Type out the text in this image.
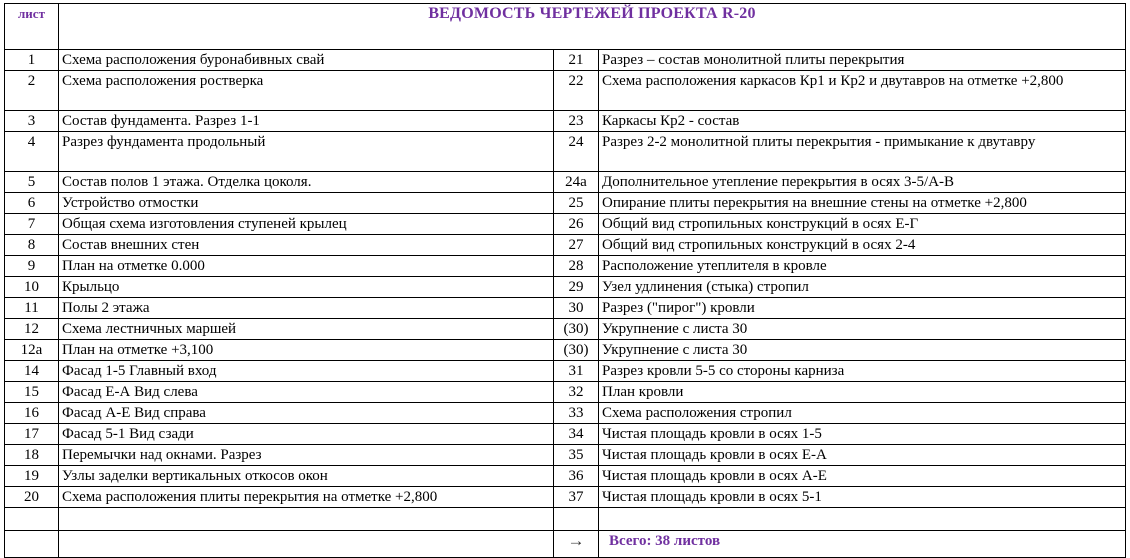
лист	ВЕДОМОСТЬ ЧЕРТЕЖЕЙ ПРОЕКТА R-20		
1	Схема расположения буронабивных свай	21	Разрез – состав монолитной плиты перекрытия
2	Схема расположения ростверка	22	Схема расположения каркасов Кр1 и Кр2 и двутавров на отметке +2,800
3	Состав фундамента. Разрез 1-1	23	Каркасы Кр2 - состав
4	Разрез фундамента продольный	24	Разрез 2-2 монолитной плиты перекрытия - примыкание к двутавру
5	Состав полов 1 этажа. Отделка цоколя.	24а	Дополнительное утепление перекрытия в осях 3-5/А-В
6	Устройство отмостки	25	Опирание плиты перекрытия на внешние стены на отметке +2,800
7	Общая схема изготовления ступеней крылец	26	Общий вид стропильных конструкций в осях Е-Г
8	Состав внешних стен	27	Общий вид стропильных конструкций в осях 2-4
9	План на отметке 0.000	28	Расположение утеплителя в кровле
10	Крыльцо	29	Узел удлинения (стыка) стропил
11	Полы 2 этажа	30	Разрез ("пирог") кровли
12	Схема лестничных маршей	(30)	Укрупнение с листа 30
12а	План на отметке +3,100	(30)	Укрупнение с листа 30
14	Фасад 1-5 Главный вход	31	Разрез кровли 5-5 со стороны карниза
15	Фасад Е-А Вид слева	32	План кровли
16	Фасад А-Е Вид справа	33	Схема расположения стропил
17	Фасад 5-1 Вид сзади	34	Чистая площадь кровли в осях 1-5
18	Перемычки над окнами. Разрез	35	Чистая площадь кровли в осях Е-А
19	Узлы заделки вертикальных откосов окон	36	Чистая площадь кровли в осях А-Е
20	Схема расположения плиты перекрытия на отметке +2,800	37	Чистая площадь кровли в осях 5-1

		→	Всего: 38 листов
